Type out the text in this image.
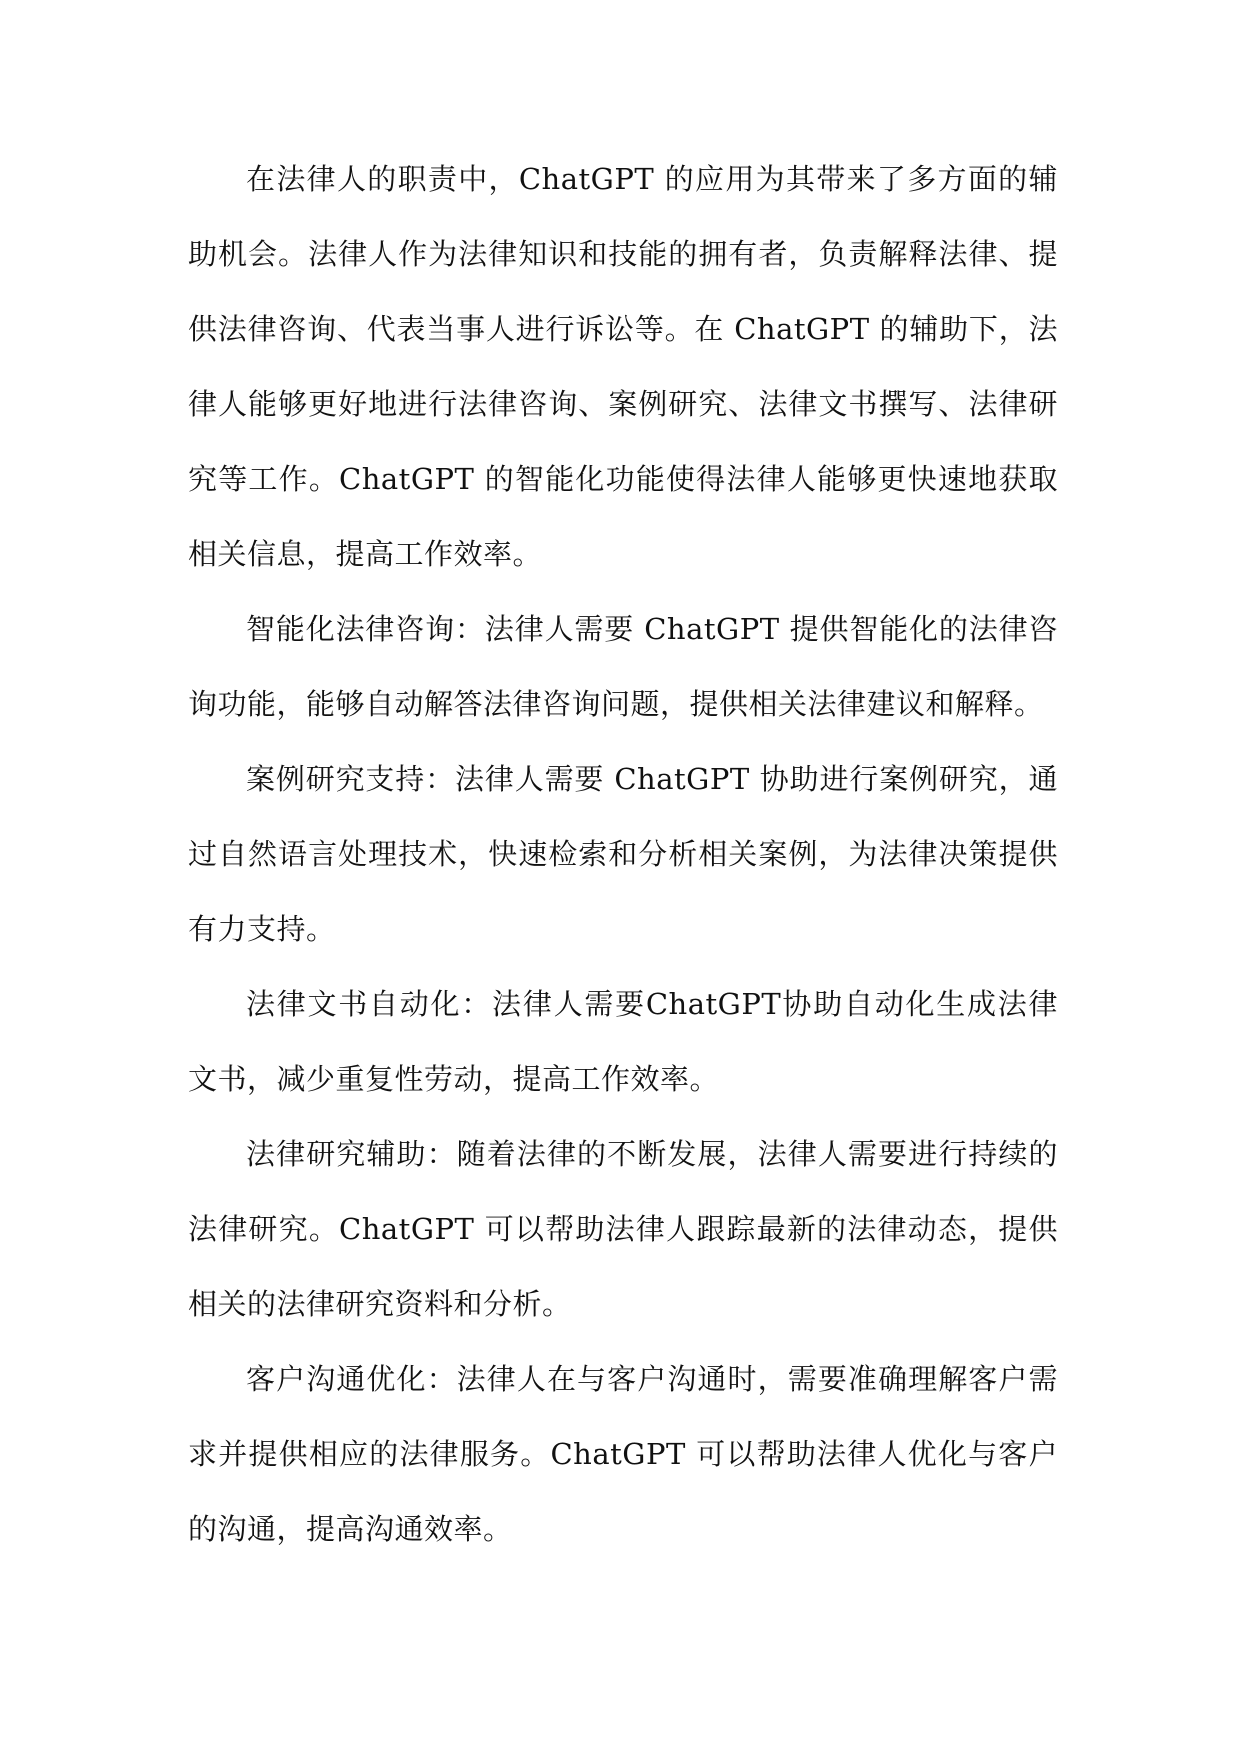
在法律人的职责中，ChatGPT 的应用为其带来了多方面的辅助机会。法律人作为法律知识和技能的拥有者，负责解释法律、提供法律咨询、代表当事人进行诉讼等。在 ChatGPT 的辅助下，法律人能够更好地进行法律咨询、案例研究、法律文书撰写、法律研究等工作。ChatGPT 的智能化功能使得法律人能够更快速地获取相关信息，提高工作效率。

智能化法律咨询：法律人需要 ChatGPT 提供智能化的法律咨询功能，能够自动解答法律咨询问题，提供相关法律建议和解释。

案例研究支持：法律人需要 ChatGPT 协助进行案例研究，通过自然语言处理技术，快速检索和分析相关案例，为法律决策提供有力支持。

法律文书自动化：法律人需要ChatGPT协助自动化生成法律文书，减少重复性劳动，提高工作效率。

法律研究辅助：随着法律的不断发展，法律人需要进行持续的法律研究。ChatGPT 可以帮助法律人跟踪最新的法律动态，提供相关的法律研究资料和分析。

客户沟通优化：法律人在与客户沟通时，需要准确理解客户需求并提供相应的法律服务。ChatGPT 可以帮助法律人优化与客户的沟通，提高沟通效率。
